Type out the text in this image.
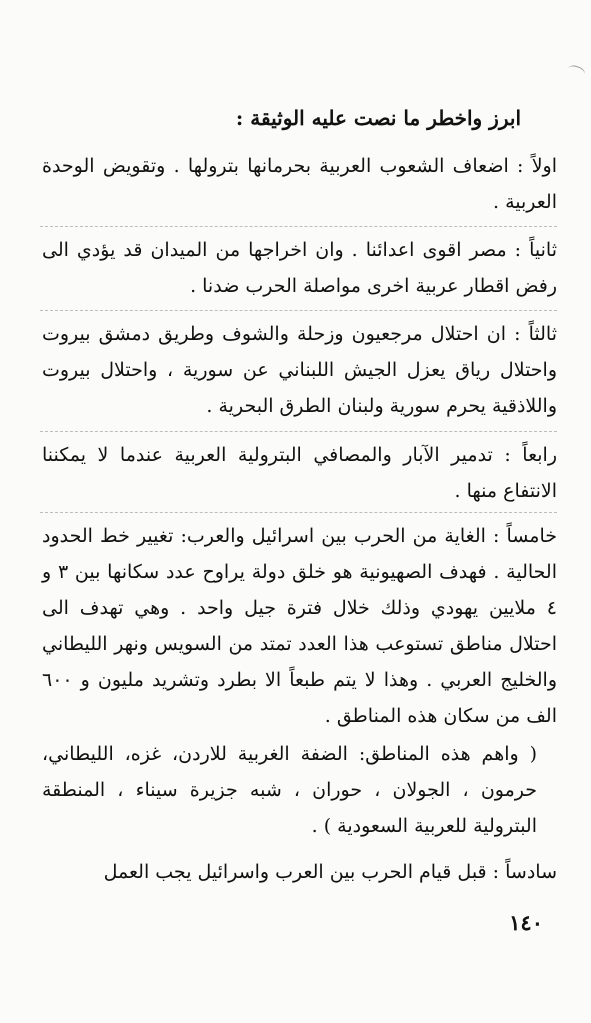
ابرز واخطر ما نصت عليه الوثيقة :

اولاً : اضعاف الشعوب العربية بحرمانها بترولها . وتقويض الوحدة العربية .

ثانياً : مصر اقوى اعدائنا . وان اخراجها من الميدان قد يؤدي الى رفض اقطار عربية اخرى مواصلة الحرب ضدنا .

ثالثاً : ان احتلال مرجعيون وزحلة والشوف وطريق دمشق بيروت واحتلال رياق يعزل الجيش اللبناني عن سورية ، واحتلال بيروت واللاذقية يحرم سورية ولبنان الطرق البحرية .

رابعاً : تدمير الآبار والمصافي البترولية العربية عندما لا يمكننا الانتفاع منها .

خامساً : الغاية من الحرب بين اسرائيل والعرب: تغيير خط الحدود الحالية . فهدف الصهيونية هو خلق دولة يراوح عدد سكانها بين ٣ و ٤ ملايين يهودي وذلك خلال فترة جيل واحد . وهي تهدف الى احتلال مناطق تستوعب هذا العدد تمتد من السويس ونهر الليطاني والخليج العربي . وهذا لا يتم طبعاً الا بطرد وتشريد مليون و ٦٠٠ الف من سكان هذه المناطق .

( واهم هذه المناطق: الضفة الغربية للاردن، غزه، الليطاني، حرمون ، الجولان ، حوران ، شبه جزيرة سيناء ، المنطقة البترولية للعربية السعودية ) .

سادساً : قبل قيام الحرب بين العرب واسرائيل يجب العمل

١٤٠
